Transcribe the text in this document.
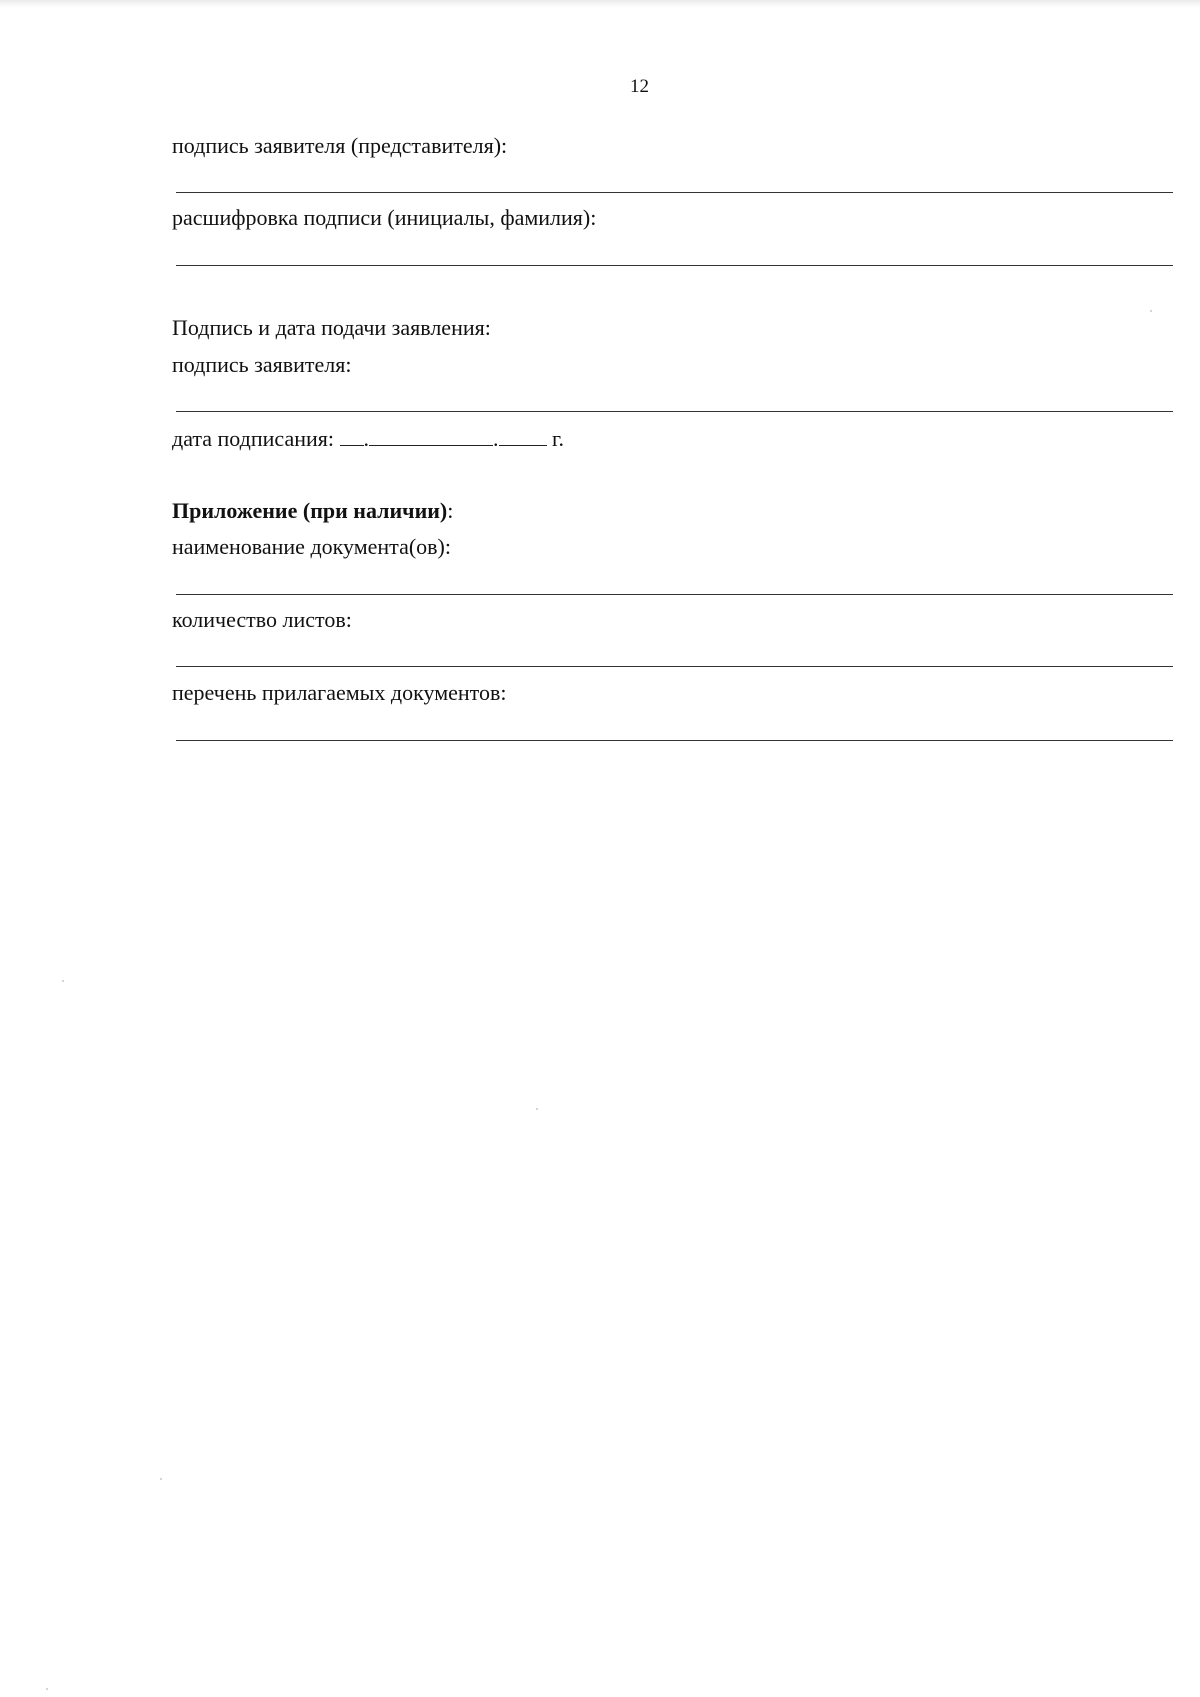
12
подпись заявителя (представителя):
расшифровка подписи (инициалы, фамилия):
Подпись и дата подачи заявления:
подпись заявителя:
дата подписания: .	. г.
Приложение (при наличии):
наименование документа(ов):
количество листов:
перечень прилагаемых документов:
